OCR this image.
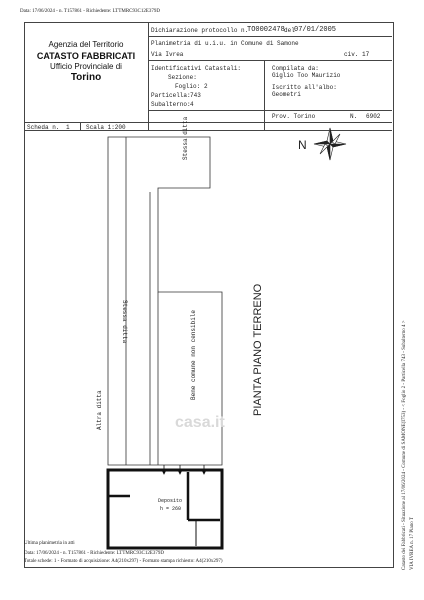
Data: 17/06/2024 - n. T157861 - Richiedente: LTTMRC93C12E379D
Agenzia del Territorio
CATASTO FABBRICATI
Ufficio Provinciale di
Torino
Dichiarazione protocollo n.
TO0002478 del 07/01/2005
Planimetria di u.i.u. in Comune di Samone
Via Ivrea	civ. 17
Identificativi Catastali:
Sezione:
Foglio: 2
Particella: 743
Subalterno: 4
Compilata da:
Giglio Too Maurizio
Iscritto all'albo:
Geometri
Prov. Torino	N. 6902
Scheda n. 1	Scala 1:200	Stessa ditta
Stessa ditta
Altra ditta
Bene comune non censibile	PIANTA PIANO TERRENO
N
Deposito
h = 260
casa.it
Ultima planimetria in atti
Data: 17/06/2024 - n. T157861 - Richiedente: LTTMRC93C12E379D
Totale schede: 1 - Formato di acquisizione: A4(210x297) - Formato stampa richiesto: A4(210x297)	Catasto dei Fabbricati - Situazione al 17/06/2024 - Comune di SAMONE(I753) - < Foglio 2 - Particella 743 - Subalterno 4 > VIA IVREA n. 17 Piano T
